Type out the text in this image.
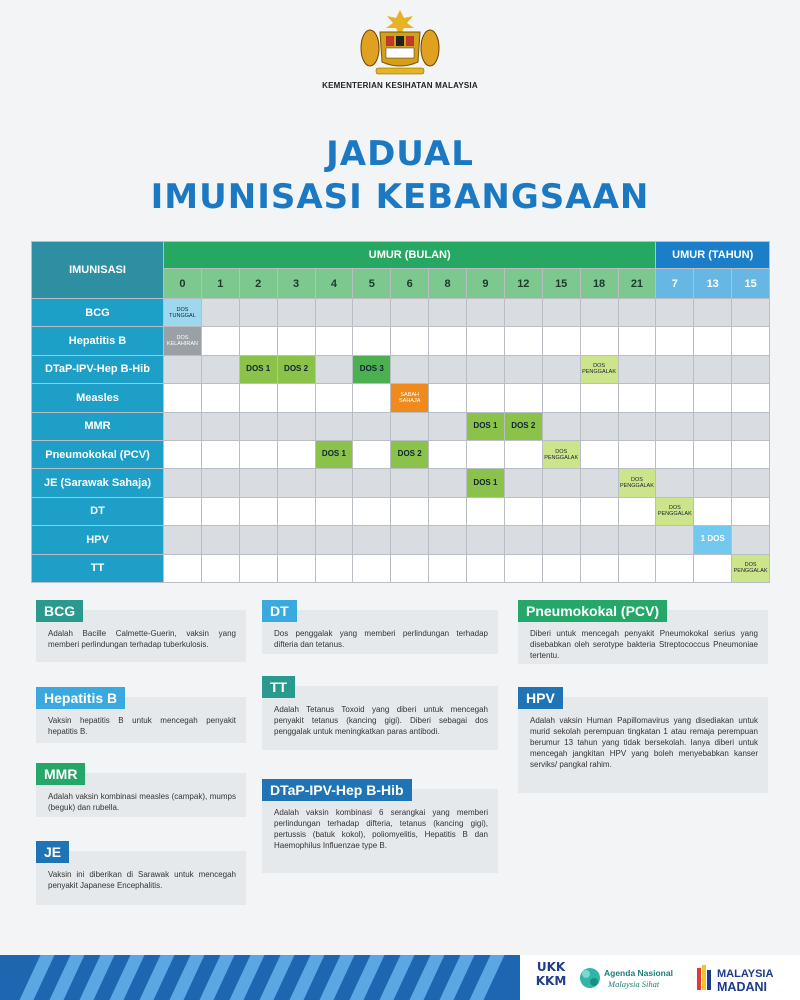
KEMENTERIAN KESIHATAN MALAYSIA
JADUAL
IMUNISASI KEBANGSAAN
IMUNISASI	UMUR (BULAN)													UMUR (TAHUN)		
	0	1	2	3	4	5	6	8	9	12	15	18	21	7	13	15
BCG	DOS TUNGGAL															

Hepatitis B	DOS KELAHIRAN															

DTaP-IPV-Hep B-Hib			DOS 1	DOS 2		DOS 3						DOS PENGGALAK				

Measles							SABAH SAHAJA									

MMR									DOS 1	DOS 2						

Pneumokokal (PCV)					DOS 1		DOS 2				DOS PENGGALAK					

JE (Sarawak Sahaja)									DOS 1				DOS PENGGALAK			

DT														DOS PENGGALAK		

HPV															1 DOS	

TT																DOS PENGGALAK
BCG
Adalah Bacille Calmette-Guerin, vaksin yang memberi perlindungan terhadap tuberkulosis.
Hepatitis B
Vaksin hepatitis B untuk mencegah penyakit hepatitis B.
MMR
Adalah vaksin kombinasi measles (campak), mumps (beguk) dan rubella.
JE
Vaksin ini diberikan di Sarawak untuk mencegah penyakit Japanese Encephalitis.
DT
Dos penggalak yang memberi perlindungan terhadap difteria dan tetanus.
TT
Adalah Tetanus Toxoid yang diberi untuk mencegah penyakit tetanus (kancing gigi). Diberi sebagai dos penggalak untuk meningkatkan paras antibodi.
DTaP-IPV-Hep B-Hib
Adalah vaksin kombinasi 6 serangkai yang memberi perlindungan terhadap difteria, tetanus (kancing gigi), pertussis (batuk kokol), poliomyelitis, Hepatitis B dan Haemophilus Influenzae type B.
Pneumokokal (PCV)
Diberi untuk mencegah penyakit Pneumokokal serius yang disebabkan oleh serotype bakteria Streptococcus Pneumoniae tertentu.
HPV
Adalah vaksin Human Papillomavirus yang disediakan untuk murid sekolah perempuan tingkatan 1 atau remaja perempuan berumur 13 tahun yang tidak bersekolah. Ianya diberi untuk mencegah jangkitan HPV yang boleh menyebabkan kanser serviks/ pangkal rahim.
UKK
KKM
Agenda Nasional
Malaysia Sihat
MALAYSIA
MADANI
